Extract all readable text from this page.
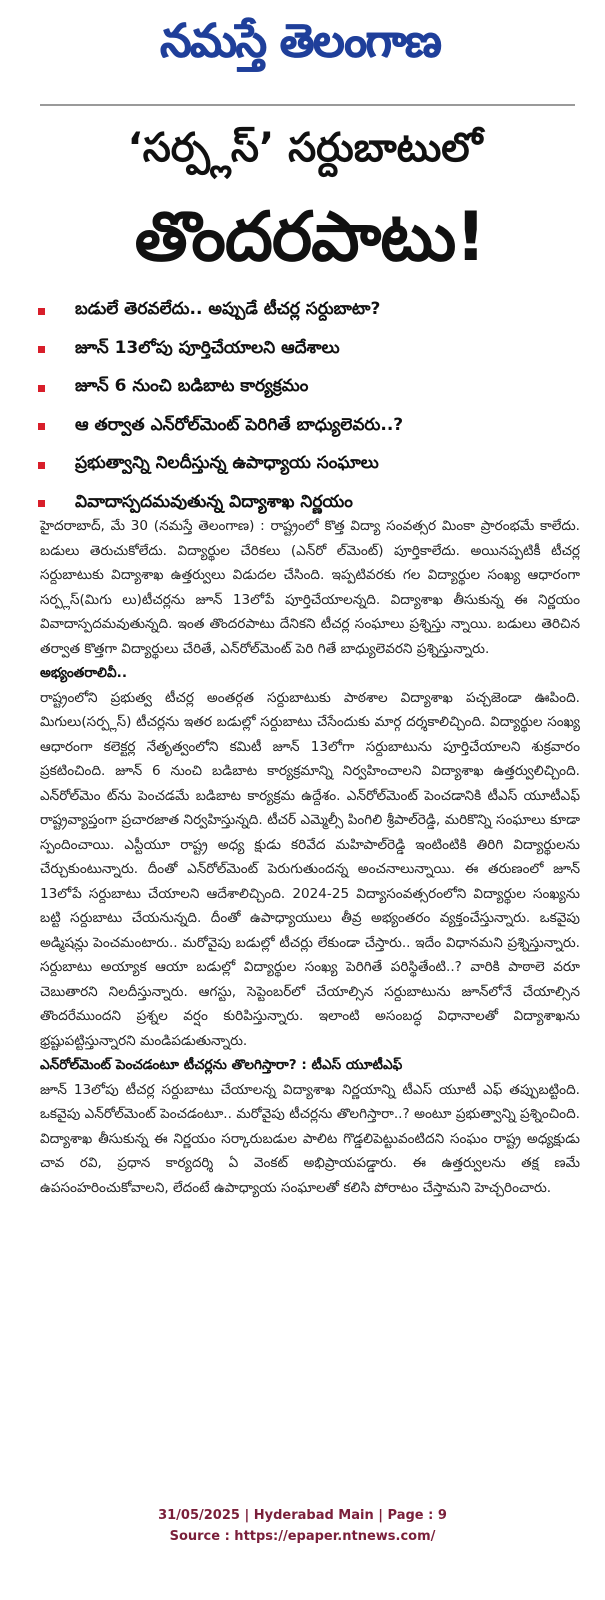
నమస్తే తెలంగాణ
‘సర్ప్లస్’ సర్దుబాటులో
తొందరపాటు!
బడులే తెరవలేదు.. అప్పుడే టీచర్ల సర్దుబాటా?
జూన్ 13లోపు పూర్తిచేయాలని ఆదేశాలు
జూన్ 6 నుంచి బడిబాట కార్యక్రమం
ఆ తర్వాత ఎన్‌రోల్‌మెంట్ పెరిగితే బాధ్యులెవరు..?
ప్రభుత్వాన్ని నిలదీస్తున్న ఉపాధ్యాయ సంఘాలు
వివాదాస్పదమవుతున్న విద్యాశాఖ నిర్ణయం

హైదరాబాద్, మే 30 (నమస్తే తెలంగాణ) : రాష్ట్రంలో కొత్త విద్యా సంవత్సర మింకా ప్రారంభమే కాలేదు. బడులు తెరుచుకోలేదు. విద్యార్థుల చేరికలు (ఎన్‌రో ల్‌మెంట్) పూర్తికాలేదు. అయినప్పటికీ టీచర్ల సర్దుబాటుకు విద్యాశాఖ ఉత్తర్వులు విడుదల చేసింది. ఇప్పటివరకు గల విద్యార్థుల సంఖ్య ఆధారంగా సర్ప్లస్(మిగు లు)టీచర్లను జూన్ 13లోపే పూర్తిచేయాలన్నది. విద్యాశాఖ తీసుకున్న ఈ నిర్ణయం వివాదాస్పదమవుతున్నది. ఇంత తొందరపాటు దేనికని టీచర్ల సంఘాలు ప్రశ్నిస్తు న్నాయి. బడులు తెరిచిన తర్వాత కొత్తగా విద్యార్థులు చేరితే, ఎన్‌రోల్‌మెంట్ పెరి గితే బాధ్యులెవరని ప్రశ్నిస్తున్నారు.

అభ్యంతరాలివీ..

రాష్ట్రంలోని ప్రభుత్వ టీచర్ల అంతర్గత సర్దుబాటుకు పాఠశాల విద్యాశాఖ పచ్చజెండా ఊపింది. మిగులు(సర్ప్లస్) టీచర్లను ఇతర బడుల్లో సర్దుబాటు చేసేందుకు మార్గ దర్శకాలిచ్చింది. విద్యార్థుల సంఖ్య ఆధారంగా కలెక్టర్ల నేతృత్వంలోని కమిటీ జూన్ 13లోగా సర్దుబాటును పూర్తిచేయాలని శుక్రవారం ప్రకటించింది. జూన్ 6 నుంచి బడిబాట కార్యక్రమాన్ని నిర్వహించాలని విద్యాశాఖ ఉత్తర్వులిచ్చింది. ఎన్‌రోల్‌మెం ట్‌ను పెంచడమే బడిబాట కార్యక్రమ ఉద్దేశం. ఎన్‌రోల్‌మెంట్ పెంచడానికి టీఎస్ యూటీఎఫ్ రాష్ట్రవ్యాప్తంగా ప్రచారజాత నిర్వహిస్తున్నది. టీచర్ ఎమ్మెల్సీ పింగిలి శ్రీపాల్‌రెడ్డి, మరికొన్ని సంఘాలు కూడా స్పందించాయి. ఎస్టీయూ రాష్ట్ర అధ్య క్షుడు కరివేద మహిపాల్‌రెడ్డి ఇంటింటికి తిరిగి విద్యార్థులను చేర్చుకుంటున్నారు. దీంతో ఎన్‌రోల్‌మెంట్ పెరుగుతుందన్న అంచనాలున్నాయి. ఈ తరుణంలో జూన్ 13లోపే సర్దుబాటు చేయాలని ఆదేశాలిచ్చింది. 2024-25 విద్యాసంవత్సరంలోని విద్యార్థుల సంఖ్యను బట్టి సర్దుబాటు చేయనున్నది. దీంతో ఉపాధ్యాయులు తీవ్ర అభ్యంతరం వ్యక్తంచేస్తున్నారు. ఒకవైపు అడ్మిషన్లు పెంచమంటారు.. మరోవైపు బడుల్లో టీచర్లు లేకుండా చేస్తారు.. ఇదేం విధానమని ప్రశ్నిస్తున్నారు. సర్దుబాటు అయ్యాక ఆయా బడుల్లో విద్యార్థుల సంఖ్య పెరిగితే పరిస్థితేంటి..? వారికి పాఠాలె వరూ చెబుతారని నిలదీస్తున్నారు. ఆగస్టు, సెప్టెంబర్‌లో చేయాల్సిన సర్దుబాటును జూన్‌లోనే చేయాల్సిన తొందరేముందని ప్రశ్నల వర్షం కురిపిస్తున్నారు. ఇలాంటి అసంబద్ధ విధానాలతో విద్యాశాఖను భ్రష్టుపట్టిస్తున్నారని మండిపడుతున్నారు.

ఎన్‌రోల్‌మెంట్ పెంచడంటూ టీచర్లను తొలగిస్తారా? : టీఎస్ యూటీఎఫ్

జూన్ 13లోపు టీచర్ల సర్దుబాటు చేయాలన్న విద్యాశాఖ నిర్ణయాన్ని టీఎస్ యూటీ ఎఫ్ తప్పుబట్టింది. ఒకవైపు ఎన్‌రోల్‌మెంట్ పెంచడంటూ.. మరోవైపు టీచర్లను తొలగిస్తారా..? అంటూ ప్రభుత్వాన్ని ప్రశ్నించింది. విద్యాశాఖ తీసుకున్న ఈ నిర్ణయం సర్కారుబడుల పాలిట గొడ్డలిపెట్టువంటిదని సంఘం రాష్ట్ర అధ్యక్షుడు చావ రవి, ప్రధాన కార్యదర్శి ఏ వెంకట్ అభిప్రాయపడ్డారు. ఈ ఉత్తర్వులను తక్ష ణమే ఉపసంహరించుకోవాలని, లేదంటే ఉపాధ్యాయ సంఘాలతో కలిసి పోరాటం చేస్తామని హెచ్చరించారు.

31/05/2025 | Hyderabad Main | Page : 9
Source : https://epaper.ntnews.com/
